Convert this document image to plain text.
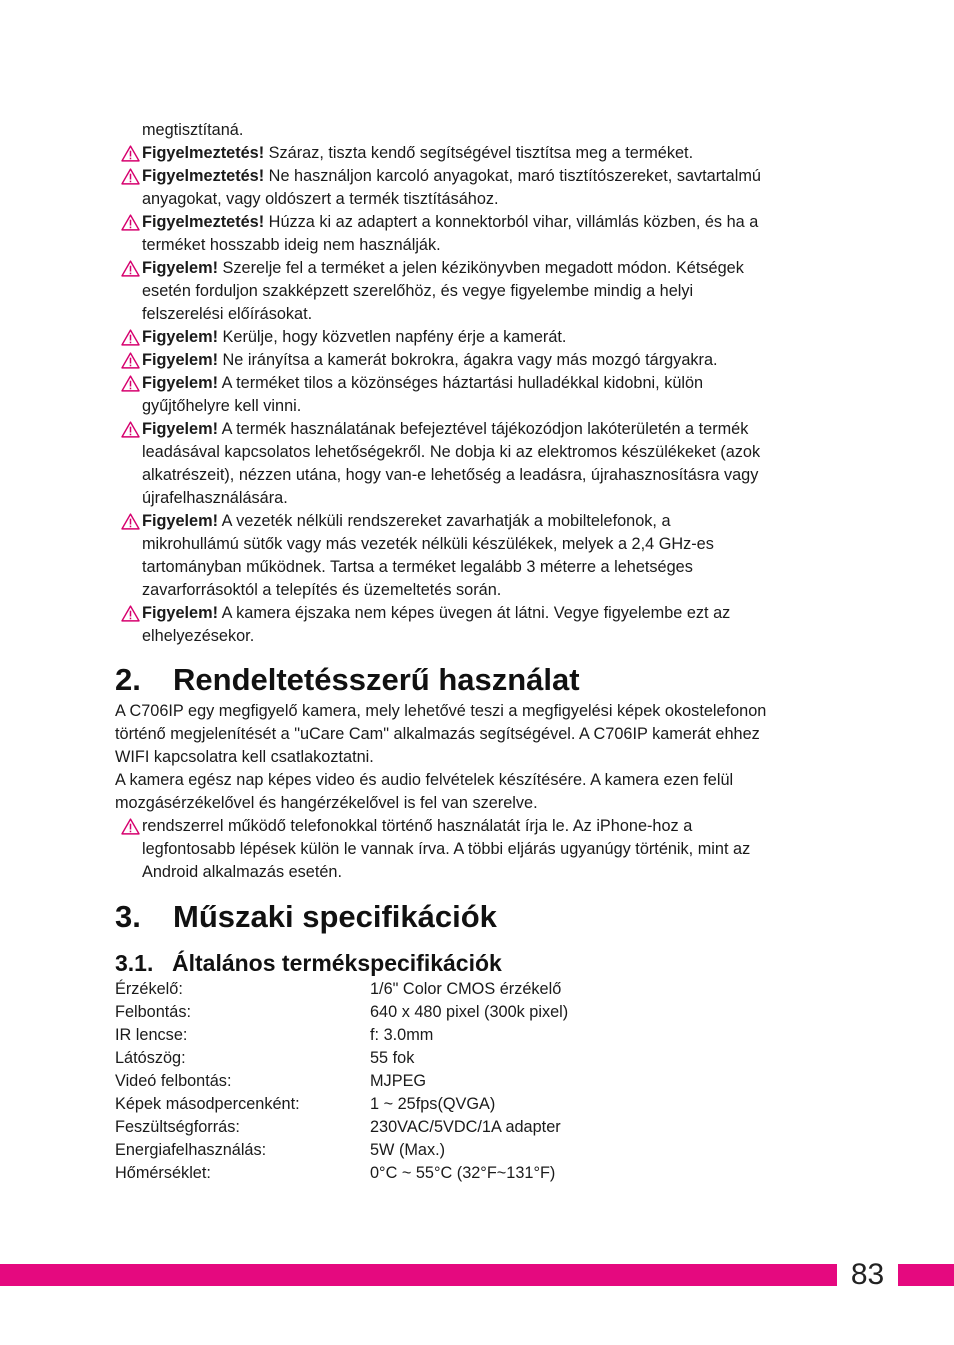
megtisztítaná.

Figyelmeztetés! Száraz, tiszta kendő segítségével tisztítsa meg a terméket.
Figyelmeztetés! Ne használjon karcoló anyagokat, maró tisztítószereket, savtartalmú
anyagokat, vagy oldószert a termék tisztításához.
Figyelmeztetés! Húzza ki az adaptert a konnektorból vihar, villámlás közben, és ha a
terméket hosszabb ideig nem használják.
Figyelem! Szerelje fel a terméket a jelen kézikönyvben megadott módon. Kétségek
esetén forduljon szakképzett szerelőhöz, és vegye figyelembe mindig a helyi
felszerelési előírásokat.
Figyelem! Kerülje, hogy közvetlen napfény érje a kamerát.
Figyelem! Ne irányítsa a kamerát bokrokra, ágakra vagy más mozgó tárgyakra.
Figyelem! A terméket tilos a közönséges háztartási hulladékkal kidobni, külön
gyűjtőhelyre kell vinni.
Figyelem! A termék használatának befejeztével tájékozódjon lakóterületén a termék
leadásával kapcsolatos lehetőségekről. Ne dobja ki az elektromos készülékeket (azok
alkatrészeit), nézzen utána, hogy van-e lehetőség a leadásra, újrahasznosításra vagy
újrafelhasználására.
Figyelem! A vezeték nélküli rendszereket zavarhatják a mobiltelefonok, a
mikrohullámú sütők vagy más vezeték nélküli készülékek, melyek a 2,4 GHz-es
tartományban működnek. Tartsa a terméket legalább 3 méterre a lehetséges
zavarforrásoktól a telepítés és üzemeltetés során.
Figyelem! A kamera éjszaka nem képes üvegen át látni. Vegye figyelembe ezt az
elhelyezésekor.
2. Rendeltetésszerű használat
A C706IP egy megfigyelő kamera, mely lehetővé teszi a megfigyelési képek okostelefonon
történő megjelenítését a "uCare Cam" alkalmazás segítségével. A C706IP kamerát ehhez
WIFI kapcsolatra kell csatlakoztatni.
A kamera egész nap képes video és audio felvételek készítésére. A kamera ezen felül
mozgásérzékelővel és hangérzékelővel is fel van szerelve.
rendszerrel működő telefonokkal történő használatát írja le. Az iPhone-hoz a
legfontosabb lépések külön le vannak írva. A többi eljárás ugyanúgy történik, mint az
Android alkalmazás esetén.
3. Műszaki specifikációk
3.1. Általános termékspecifikációk
Érzékelő:	1/6" Color CMOS érzékelő
Felbontás:	640 x 480 pixel (300k pixel)
IR lencse:	f: 3.0mm
Látószög:	55 fok
Videó felbontás:	MJPEG
Képek másodpercenként:	1 ~ 25fps(QVGA)
Feszültségforrás:	230VAC/5VDC/1A adapter
Energiafelhasználás:	5W (Max.)
Hőmérséklet:	0°C ~ 55°C (32°F~131°F)
83
